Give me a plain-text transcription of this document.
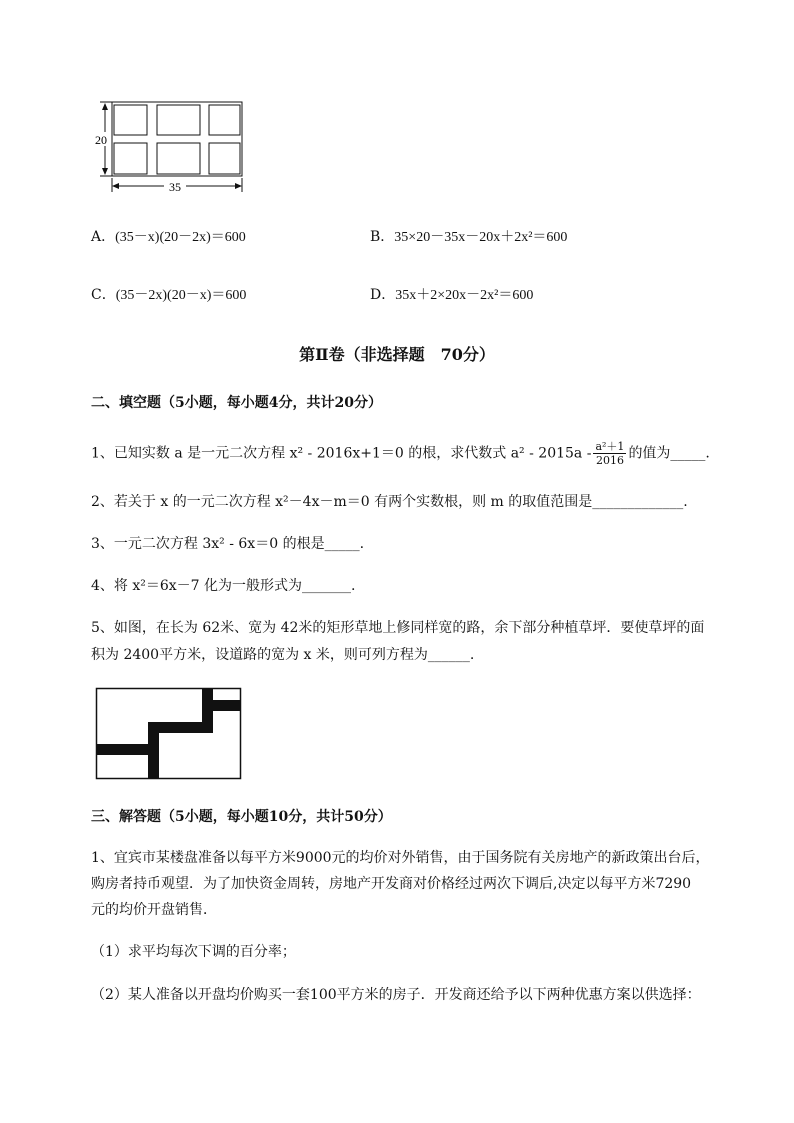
35
20
A．(35－x)(20－2x)＝600	B．35×20－35x－20x＋2x²＝600
C．(35－2x)(20－x)＝600	D．35x＋2×20x－2x²＝600
第Ⅱ卷（非选择题　70分）
二、填空题（5小题，每小题4分，共计20分）
1、已知实数 a 是一元二次方程 x² - 2016x+1＝0 的根，求代数式 $a^2 - 2015a - \frac{\text{a²＋1}}{2016}$ 的值为_____.
2、若关于 x 的一元二次方程 x²－4x－m＝0 有两个实数根，则 m 的取值范围是_____________.
3、一元二次方程 3x² - 6x＝0 的根是_____.
4、将 x²＝6x－7 化为一般形式为_______.
5、如图，在长为 62米、宽为 42米的矩形草地上修同样宽的路，余下部分种植草坪．要使草坪的面
积为 2400平方米，设道路的宽为 x 米，则可列方程为______.
三、解答题（5小题，每小题10分，共计50分）
1、宜宾市某楼盘准备以每平方米9000元的均价对外销售，由于国务院有关房地产的新政策出台后，
购房者持币观望．为了加快资金周转，房地产开发商对价格经过两次下调后,决定以每平方米7290
元的均价开盘销售．
（1）求平均每次下调的百分率；
（2）某人准备以开盘均价购买一套100平方米的房子．开发商还给予以下两种优惠方案以供选择：
